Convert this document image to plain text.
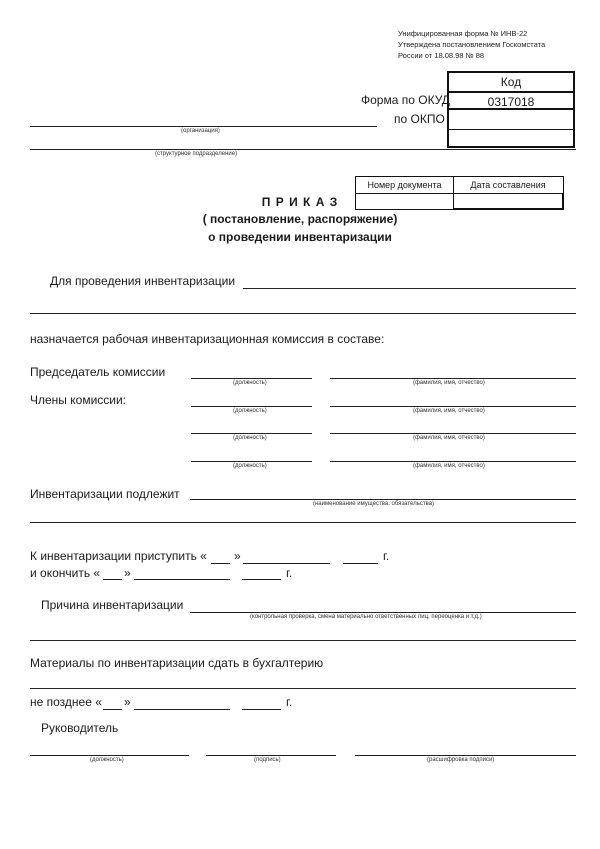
Унифицированная форма № ИНВ-22
Утверждена постановлением Госкомстата
России от 18.08.98 № 88
Код
0317018
Форма по ОКУД
по ОКПО
(организация)
(структурное подразделение)
Номер документа	Дата составления
П Р И К А З
( постановление, распоряжение)
о проведении инвентаризации
Для проведения инвентаризации
назначается рабочая инвентаризационная комиссия в составе:
Председатель комиссии
Члены комиссии:
(должность)	(фамилия, имя, отчество)
(должность)	(фамилия, имя, отчество)
(должность)	(фамилия, имя, отчество)
(должность)	(фамилия, имя, отчество)
Инвентаризации подлежит
(наименование имущества, обязательства)
К инвентаризации приступить « »	г.
и окончить « »	г.
Причина инвентаризации
(контрольная проверка, смена материально ответственных лиц, переоценка и т.д.)
Материалы по инвентаризации сдать в бухгалтерию
не позднее « »	г.
Руководитель
(должность)	(подпись)	(расшифровка подписи)
